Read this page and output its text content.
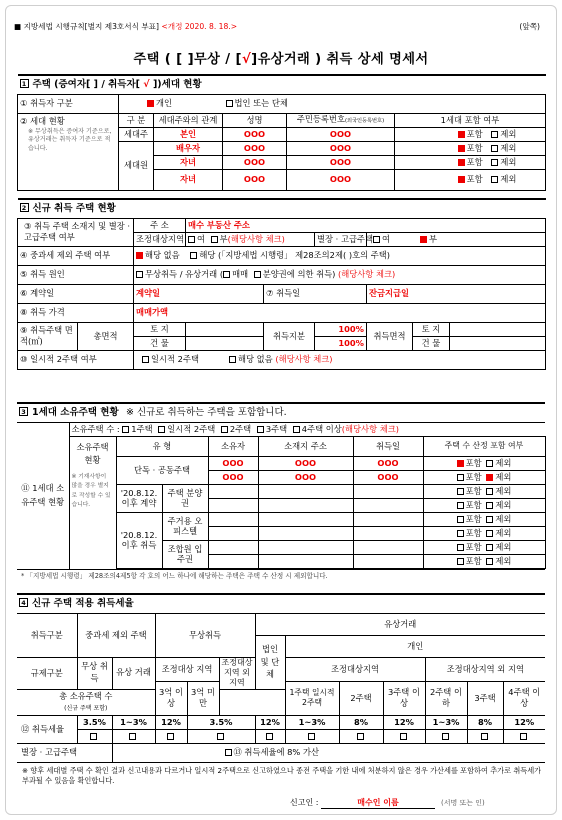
■ 지방세법 시행규칙[별지 제3호서식 부표] <개정 2020. 8. 18.>	(앞쪽)
주택 ( [ ]무상 / [√]유상거래 ) 취득 상세 명세서
1 주택 (증여자[ ] / 취득자[ √ ])세대 현황					
① 취득자 구분	개인		법인 또는 단체		

② 세대 현황
※ 무상취득은 증여자 기준으로, 유상거래는 취득자 기준으로 적습니다.	구 분	세대주와의 관계	성명	주민등록번호(외국인등록번호)	1세대 포함 여부
	세대주	본인	OOO	OOO	포함 제외
	세대원	배우자	OOO	OOO	포함 제외
		자녀	OOO	OOO	포함 제외
		자녀	OOO	OOO	포함 제외
2 신규 취득 주택 현황								
③ 취득 주택 소재지 및 별장 · 고급주택 여부		주 소	매수 부동산 주소					
		조정대상지역	여 부(해당사항 체크)		별장 · 고급주택	여 부		
④ 중과세 제외 주택 여부		해당 없음 해당 (「지방세법 시행령」 제28조의2제( )호의 주택)						
⑤ 취득 원인		무상취득 / 유상거래 ( 매매 분양권에 의한 취득) (해당사항 체크)						
⑥ 계약일		계약일		⑦ 취득일		잔금지급일		
⑧ 취득 가격		매매가액						
⑨ 취득주택 면적(㎡)	총면적	토 지		취득지분	100%	취득면적	토 지	
		건 물			100%		건 물	
⑩ 일시적 2주택 여부		일시적 2주택 해당 없음 (해당사항 체크)						
3 1세대 소유주택 현황 ※ 신규로 취득하는 주택을 포함합니다.							
⑪ 1세대 소유주택 현황	소유주택 수 : 1주택 일시적 2주택 2주택 3주택 4주택 이상(해당사항 체크)						

	소유주택 현황
※ 기재사항이 많을 경우 별지로 작성할 수 있습니다.	유 형		소유자	소재지 주소	취득일	주택 수 산정 포함 여부
		단독 · 공동주택		OOO	OOO	OOO	포함 제외
				OOO	OOO	OOO	포함 제외
		'20.8.12. 이후 계약	주택 분양권				포함 제외
							포함 제외
		'20.8.12. 이후 취득	주거용 오피스텔				포함 제외
							포함 제외
			조합원 입주권				포함 제외
							포함 제외

* 「지방세법 시행령」 제28조의4제5항 각 호의 어느 하나에 해당하는 주택은 주택 수 산정 시 제외합니다.							
4 신규 주택 적용 취득세율												
취득구분	중과세 제외 주택		무상취득			유상거래						
						법인 및 단체	개인					
규제구분	무상 취득	유상 거래	조정대상 지역		조정대상지역 외 지역		조정대상지역			조정대상지역 외 지역		
			3억 이상	3억 미만			1주택 일시적 2주택	2주택	3주택 이상	2주택 이하	3주택	4주택 이상
총 소유주택 수
(신규 주택 포함)												
⑫ 취득세율	3.5%	1~3%	12%	3.5%		12%	1~3%	8%	12%	1~3%	8%	12%

별장 · 고급주택		⑬ 취득세율에 8% 가산										
※ 향후 세대별 주택 수 확인 결과 신고내용과 다르거나 일시적 2주택으로 신고하였으나 종전 주택을 기한 내에 처분하지 않은 경우 가산세를 포함하여 추가로 취득세가 부과될 수 있음을 확인합니다.
신고인 :	매수인 이름	(서명 또는 인)
